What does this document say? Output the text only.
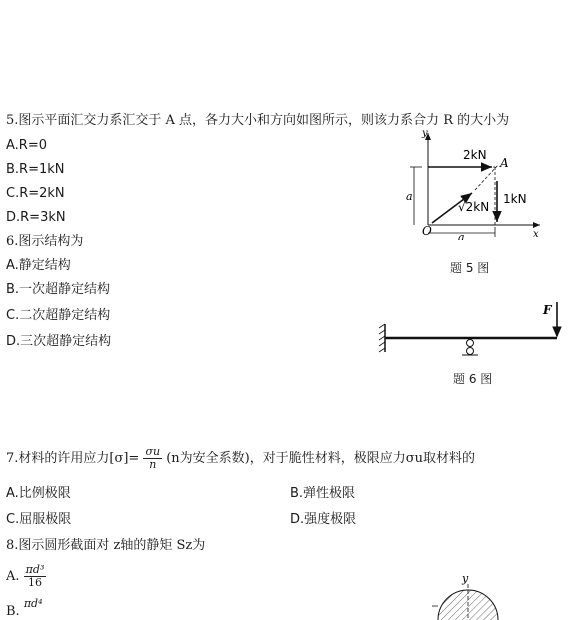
5.图示平面汇交力系汇交于 A 点，各力大小和方向如图所示，则该力系合力 R 的大小为
A.R=0
B.R=1kN
C.R=2kN
D.R=3kN
y
x
2kN
A
1kN
√2kN
a
a
O
题 5 图
6.图示结构为
A.静定结构
B.一次超静定结构
C.二次超静定结构
D.三次超静定结构
F
题 6 图
7.材料的许用应力$[\sigma]= \frac{\sigma u}{n} (n$为安全系数)，对于脆性材料，极限应力σu取材料的
A.比例极限	B.弹性极限
C.屈服极限	D.强度极限
8.图示圆形截面对 z轴的静矩 Sz为
A. $\frac{\text{πd³}}{16}$
B. $^{\pi d^4}$
y
